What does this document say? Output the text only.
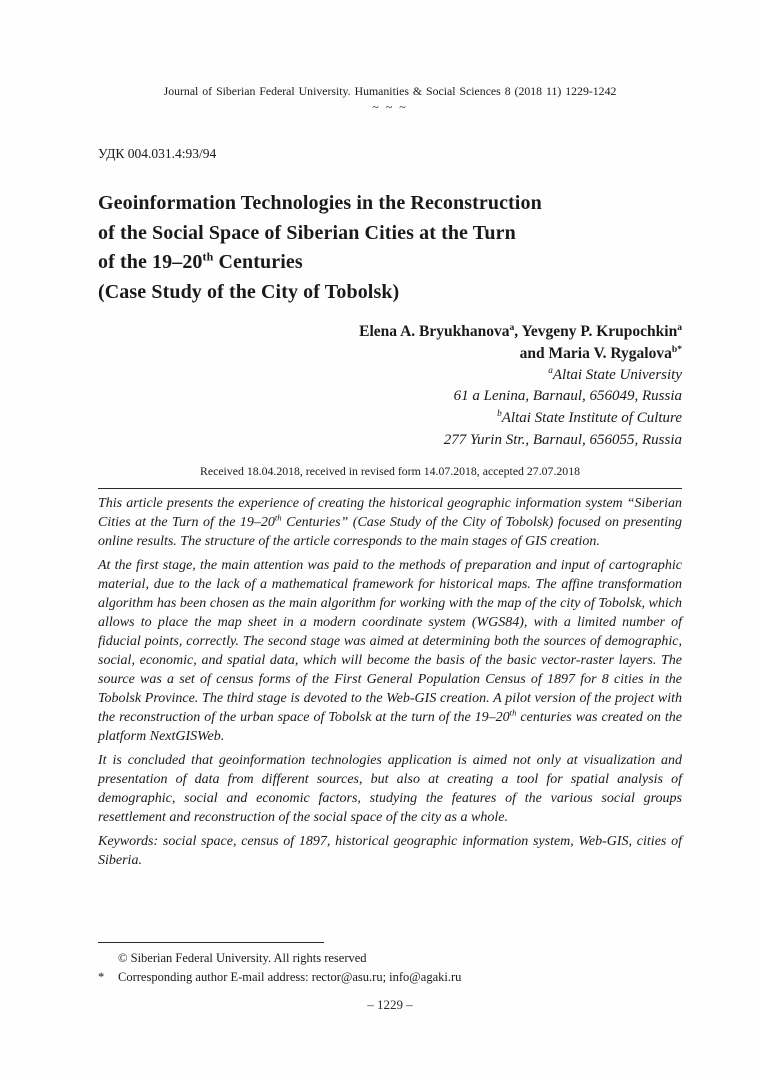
Journal of Siberian Federal University. Humanities & Social Sciences 8 (2018 11) 1229-1242
~ ~ ~
УДК 004.031.4:93/94
Geoinformation Technologies in the Reconstruction
of the Social Space of Siberian Cities at the Turn
of the 19–20th Centuries
(Case Study of the City of Tobolsk)
Elena A. Bryukhanova$^a$, Yevgeny P. Krupochkin$^a$
and Maria V. Rygalova$^{b*}$
$^a$Altai State University
61 a Lenina, Barnaul, 656049, Russia
$^b$Altai State Institute of Culture
277 Yurin Str., Barnaul, 656055, Russia
Received 18.04.2018, received in revised form 14.07.2018, accepted 27.07.2018

This article presents the experience of creating the historical geographic information system “Siberian Cities at the Turn of the 19–20th Centuries” (Case Study of the City of Tobolsk) focused on presenting online results. The structure of the article corresponds to the main stages of GIS creation.

At the first stage, the main attention was paid to the methods of preparation and input of cartographic material, due to the lack of a mathematical framework for historical maps. The affine transformation algorithm has been chosen as the main algorithm for working with the map of the city of Tobolsk, which allows to place the map sheet in a modern coordinate system (WGS84), with a limited number of fiducial points, correctly. The second stage was aimed at determining both the sources of demographic, social, economic, and spatial data, which will become the basis of the basic vector-raster layers. The source was a set of census forms of the First General Population Census of 1897 for 8 cities in the Tobolsk Province. The third stage is devoted to the Web-GIS creation. A pilot version of the project with the reconstruction of the urban space of Tobolsk at the turn of the 19–20th centuries was created on the platform NextGISWeb.

It is concluded that geoinformation technologies application is aimed not only at visualization and presentation of data from different sources, but also at creating a tool for spatial analysis of demographic, social and economic factors, studying the features of the various social groups resettlement and reconstruction of the social space of the city as a whole.

Keywords: social space, census of 1897, historical geographic information system, Web-GIS, cities of Siberia.

© Siberian Federal University. All rights reserved
* Corresponding author E-mail address: rector@asu.ru; info@agaki.ru
– 1229 –
